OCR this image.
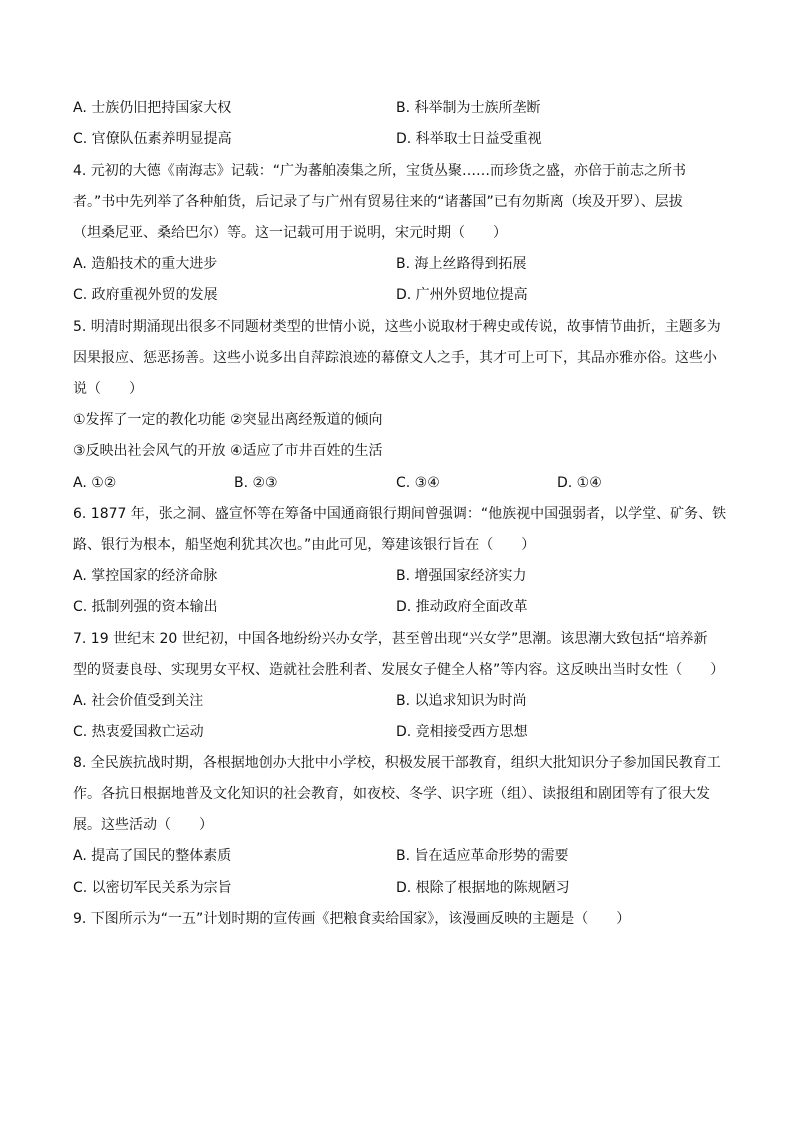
A. 士族仍旧把持国家大权	B. 科举制为士族所垄断
C. 官僚队伍素养明显提高	D. 科举取士日益受重视
4. 元初的大德《南海志》记载：“广为蕃舶凑集之所，宝货丛聚……而珍货之盛，亦倍于前志之所书
者。”书中先列举了各种舶货，后记录了与广州有贸易往来的“诸蕃国”已有勿斯离（埃及开罗）、层拔
（坦桑尼亚、桑给巴尔）等。这一记载可用于说明，宋元时期（　　）
A. 造船技术的重大进步	B. 海上丝路得到拓展
C. 政府重视外贸的发展	D. 广州外贸地位提高
5. 明清时期涌现出很多不同题材类型的世情小说，这些小说取材于稗史或传说，故事情节曲折，主题多为
因果报应、惩恶扬善。这些小说多出自萍踪浪迹的幕僚文人之手，其才可上可下，其品亦雅亦俗。这些小
说（　　）
①发挥了一定的教化功能 ②突显出离经叛道的倾向
③反映出社会风气的开放 ④适应了市井百姓的生活
A. ①②	B. ②③	C. ③④	D. ①④
6. 1877 年，张之洞、盛宣怀等在筹备中国通商银行期间曾强调：“他族视中国强弱者，以学堂、矿务、铁
路、银行为根本，船坚炮利犹其次也。”由此可见，筹建该银行旨在（　　）
A. 掌控国家的经济命脉	B. 增强国家经济实力
C. 抵制列强的资本输出	D. 推动政府全面改革
7. 19 世纪末 20 世纪初，中国各地纷纷兴办女学，甚至曾出现“兴女学”思潮。该思潮大致包括“培养新
型的贤妻良母、实现男女平权、造就社会胜利者、发展女子健全人格”等内容。这反映出当时女性（　　）
A. 社会价值受到关注	B. 以追求知识为时尚
C. 热衷爱国救亡运动	D. 竞相接受西方思想
8. 全民族抗战时期，各根据地创办大批中小学校，积极发展干部教育，组织大批知识分子参加国民教育工
作。各抗日根据地普及文化知识的社会教育，如夜校、冬学、识字班（组）、读报组和剧团等有了很大发
展。这些活动（　　）
A. 提高了国民的整体素质	B. 旨在适应革命形势的需要
C. 以密切军民关系为宗旨	D. 根除了根据地的陈规陋习
9. 下图所示为“一五”计划时期的宣传画《把粮食卖给国家》，该漫画反映的主题是（　　）
